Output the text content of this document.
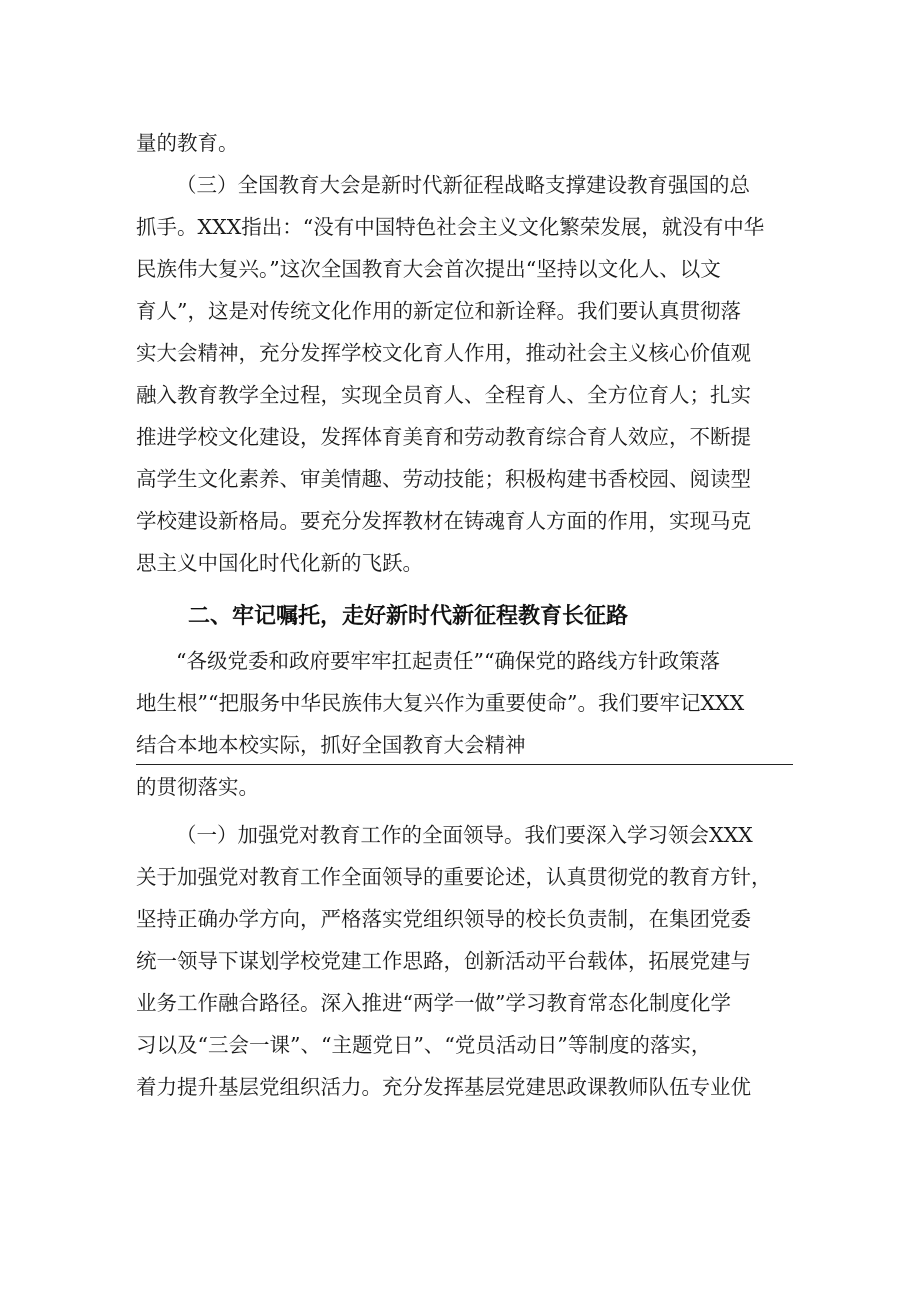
量的教育。
（三）全国教育大会是新时代新征程战略支撑建设教育强国的总
抓手。XXX指出：“没有中国特色社会主义文化繁荣发展，就没有中华
民族伟大复兴。”这次全国教育大会首次提出“坚持以文化人、以文
育人”，这是对传统文化作用的新定位和新诠释。我们要认真贯彻落
实大会精神，充分发挥学校文化育人作用，推动社会主义核心价值观
融入教育教学全过程，实现全员育人、全程育人、全方位育人；扎实
推进学校文化建设，发挥体育美育和劳动教育综合育人效应，不断提
高学生文化素养、审美情趣、劳动技能；积极构建书香校园、阅读型
学校建设新格局。要充分发挥教材在铸魂育人方面的作用，实现马克
思主义中国化时代化新的飞跃。
二、牢记嘱托，走好新时代新征程教育长征路
“各级党委和政府要牢牢扛起责任”“确保党的路线方针政策落
地生根”“把服务中华民族伟大复兴作为重要使命”。我们要牢记XXX
结合本地本校实际，抓好全国教育大会精神
的贯彻落实。
（一）加强党对教育工作的全面领导。我们要深入学习领会XXX
关于加强党对教育工作全面领导的重要论述，认真贯彻党的教育方针，
坚持正确办学方向，严格落实党组织领导的校长负责制，在集团党委
统一领导下谋划学校党建工作思路，创新活动平台载体，拓展党建与
业务工作融合路径。深入推进“两学一做”学习教育常态化制度化学
习以及“三会一课”、“主题党日”、“党员活动日”等制度的落实，
着力提升基层党组织活力。充分发挥基层党建思政课教师队伍专业优
